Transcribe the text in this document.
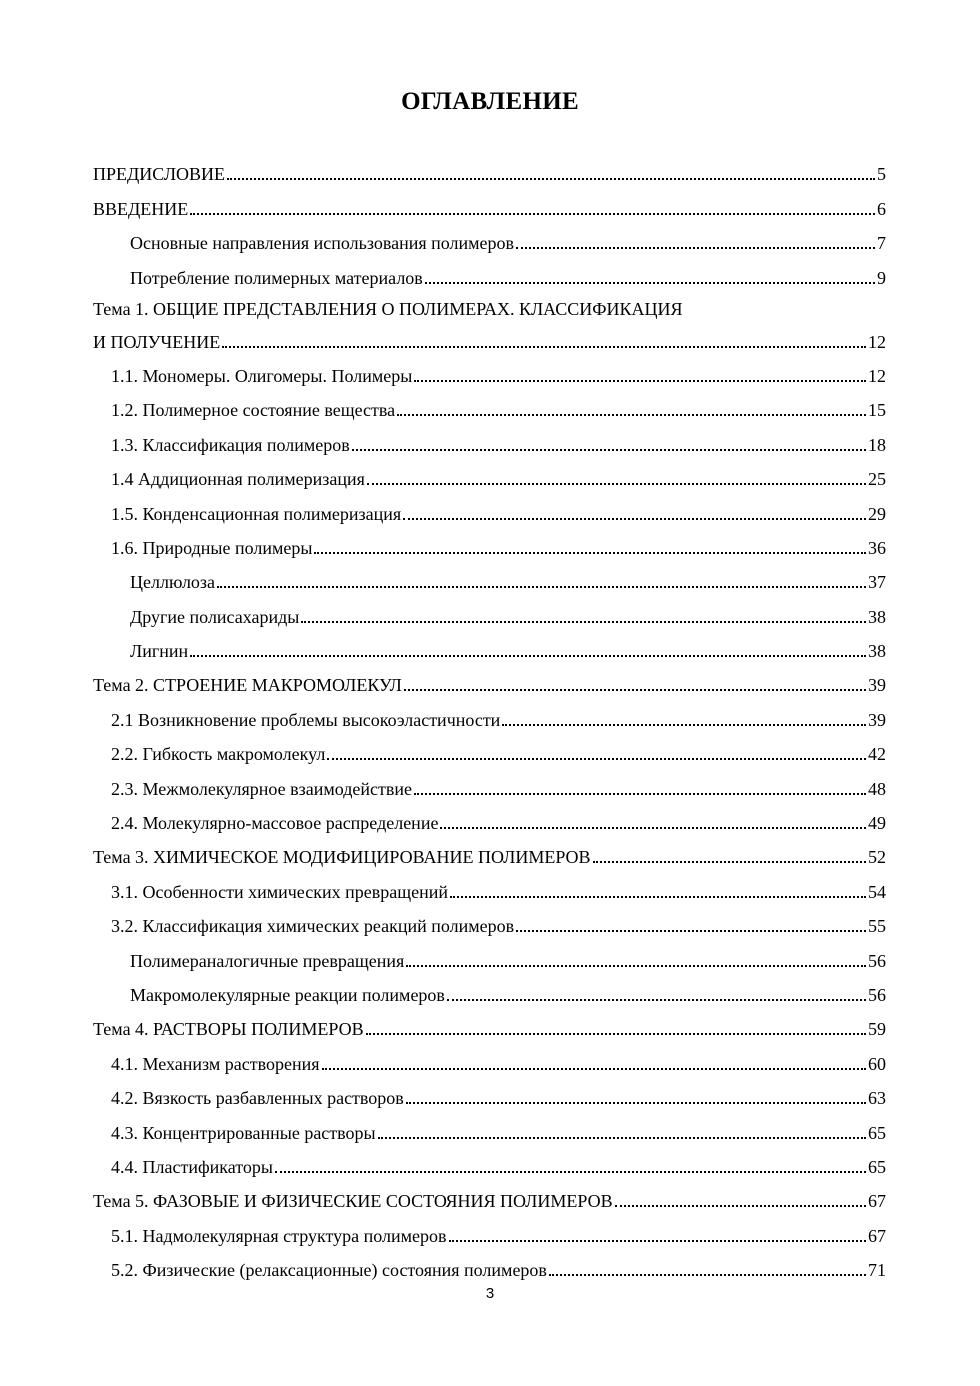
ОГЛАВЛЕНИЕ
ПРЕДИСЛОВИЕ	5
ВВЕДЕНИЕ	6
Основные направления использования полимеров	7
Потребление полимерных материалов	9
Тема 1. ОБЩИЕ ПРЕДСТАВЛЕНИЯ О ПОЛИМЕРАХ. КЛАССИФИКАЦИЯ
И ПОЛУЧЕНИЕ	12
1.1. Мономеры. Олигомеры. Полимеры	12
1.2. Полимерное состояние вещества	15
1.3. Классификация полимеров	18
1.4 Аддиционная полимеризация	25
1.5. Конденсационная полимеризация	29
1.6. Природные полимеры	36
Целлюлоза	37
Другие полисахариды	38
Лигнин	38
Тема 2. СТРОЕНИЕ МАКРОМОЛЕКУЛ	39
2.1 Возникновение проблемы высокоэластичности	39
2.2. Гибкость макромолекул	42
2.3. Межмолекулярное взаимодействие	48
2.4. Молекулярно-массовое распределение	49
Тема 3. ХИМИЧЕСКОЕ МОДИФИЦИРОВАНИЕ ПОЛИМЕРОВ	52
3.1. Особенности химических превращений	54
3.2. Классификация химических реакций полимеров	55
Полимераналогичные превращения	56
Макромолекулярные реакции полимеров	56
Тема 4. РАСТВОРЫ ПОЛИМЕРОВ	59
4.1. Механизм растворения	60
4.2. Вязкость разбавленных растворов	63
4.3. Концентрированные растворы	65
4.4. Пластификаторы	65
Тема 5. ФАЗОВЫЕ И ФИЗИЧЕСКИЕ СОСТОЯНИЯ ПОЛИМЕРОВ	67
5.1. Надмолекулярная структура полимеров	67
5.2. Физические (релаксационные) состояния полимеров	71
3
